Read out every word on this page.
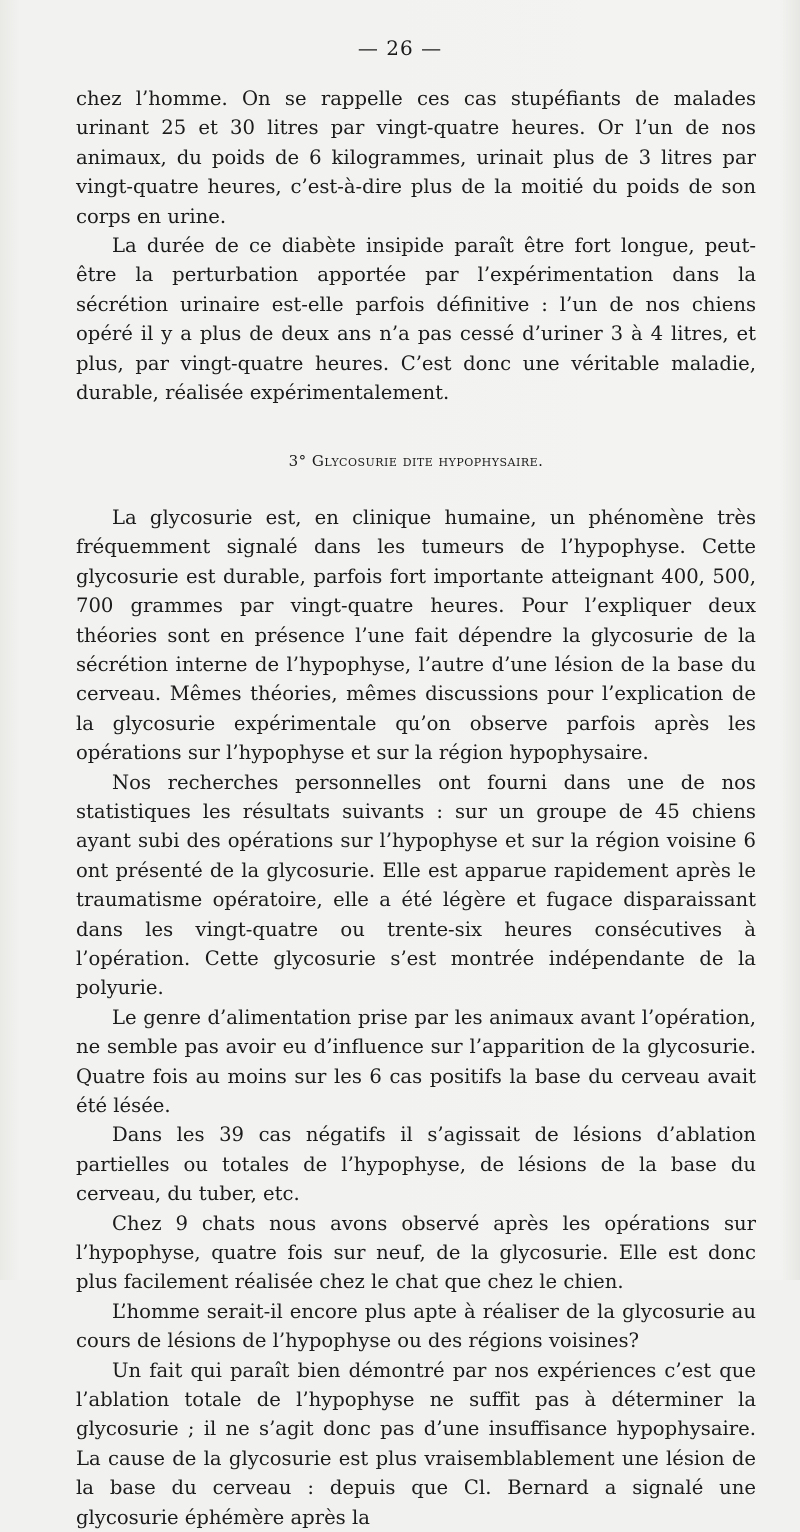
— 26 —

chez l’homme. On se rappelle ces cas stupéfiants de malades urinant 25 et 30 litres par vingt-quatre heures. Or l’un de nos animaux, du poids de 6 kilogrammes, urinait plus de 3 litres par vingt-quatre heures, c’est-à-dire plus de la moitié du poids de son corps en urine.

La durée de ce diabète insipide paraît être fort longue, peut-être la perturbation apportée par l’expérimentation dans la sécrétion urinaire est-elle parfois définitive : l’un de nos chiens opéré il y a plus de deux ans n’a pas cessé d’uriner 3 à 4 litres, et plus, par vingt-quatre heures. C’est donc une véritable maladie, durable, réalisée expérimentalement.

3° Glycosurie dite hypophysaire.

La glycosurie est, en clinique humaine, un phénomène très fréquemment signalé dans les tumeurs de l’hypophyse. Cette glycosurie est durable, parfois fort importante atteignant 400, 500, 700 grammes par vingt-quatre heures. Pour l’expliquer deux théories sont en présence l’une fait dépendre la glycosurie de la sécrétion interne de l’hypophyse, l’autre d’une lésion de la base du cerveau. Mêmes théories, mêmes discussions pour l’explication de la glycosurie expérimentale qu’on observe parfois après les opérations sur l’hypophyse et sur la région hypophysaire.

Nos recherches personnelles ont fourni dans une de nos statistiques les résultats suivants : sur un groupe de 45 chiens ayant subi des opérations sur l’hypophyse et sur la région voisine 6 ont présenté de la glycosurie. Elle est apparue rapidement après le traumatisme opératoire, elle a été légère et fugace disparaissant dans les vingt-quatre ou trente-six heures consécutives à l’opération. Cette glycosurie s’est montrée indépendante de la polyurie.

Le genre d’alimentation prise par les animaux avant l’opération, ne semble pas avoir eu d’influence sur l’apparition de la glycosurie. Quatre fois au moins sur les 6 cas positifs la base du cerveau avait été lésée.

Dans les 39 cas négatifs il s’agissait de lésions d’ablation partielles ou totales de l’hypophyse, de lésions de la base du cerveau, du tuber, etc.

Chez 9 chats nous avons observé après les opérations sur l’hypophyse, quatre fois sur neuf, de la glycosurie. Elle est donc plus facilement réalisée chez le chat que chez le chien.

L’homme serait-il encore plus apte à réaliser de la glycosurie au cours de lésions de l’hypophyse ou des régions voisines?

Un fait qui paraît bien démontré par nos expériences c’est que l’ablation totale de l’hypophyse ne suffit pas à déterminer la glycosurie ; il ne s’agit donc pas d’une insuffisance hypophysaire. La cause de la glycosurie est plus vraisemblablement une lésion de la base du cerveau : depuis que Cl. Bernard a signalé une glycosurie éphémère après la
